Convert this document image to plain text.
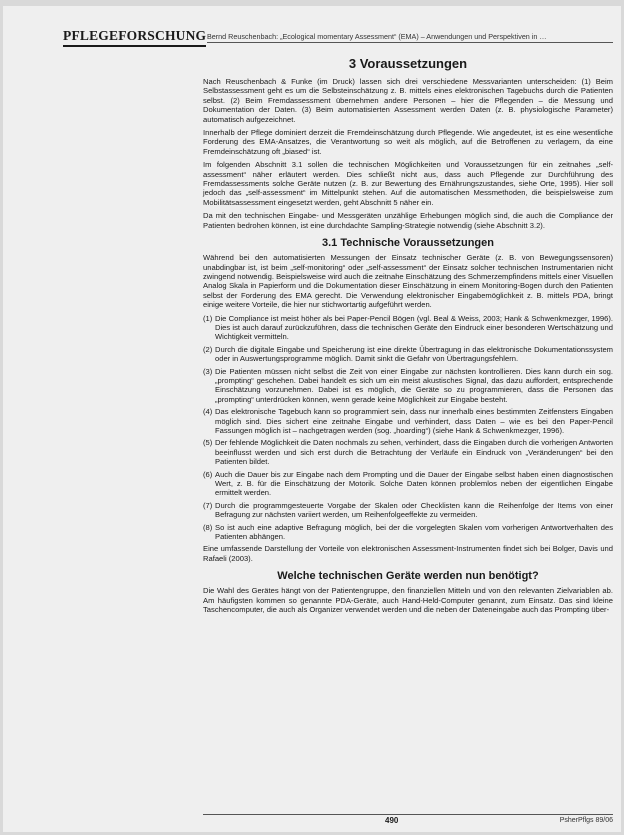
PFLEGEFORSCHUNG Bernd Reuschenbach: „Ecological momentary Assessment“ (EMA) – Anwendungen und Perspektiven in …
3 Voraussetzungen

Nach Reuschenbach & Funke (im Druck) lassen sich drei verschiedene Messvarianten unterscheiden: (1) Beim Selbstassessment geht es um die Selbsteinschätzung z. B. mittels eines elektronischen Tagebuchs durch die Patienten selbst. (2) Beim Fremdassessment übernehmen andere Personen – hier die Pflegenden – die Messung und Dokumentation der Daten. (3) Beim automatisierten Assessment werden Daten (z. B. physiologische Parameter) automatisch aufgezeichnet.

Innerhalb der Pflege dominiert derzeit die Fremdeinschätzung durch Pflegende. Wie angedeutet, ist es eine wesentliche Forderung des EMA-Ansatzes, die Verantwortung so weit als möglich, auf die Betroffenen zu verlagern, da eine Fremdeinschätzung oft „biased“ ist.

Im folgenden Abschnitt 3.1 sollen die technischen Möglichkeiten und Voraussetzungen für ein zeitnahes „self-assessment“ näher erläutert werden. Dies schließt nicht aus, dass auch Pflegende zur Durchführung des Fremdassessments solche Geräte nutzen (z. B. zur Bewertung des Ernährungszustandes, siehe Orte, 1995). Hier soll jedoch das „self-assessment“ im Mittelpunkt stehen. Auf die automatischen Messmethoden, die beispielsweise zum Mobilitätsassessment eingesetzt werden, geht Abschnitt 5 näher ein.

Da mit den technischen Eingabe- und Messgeräten unzählige Erhebungen möglich sind, die auch die Compliance der Patienten bedrohen können, ist eine durchdachte Sampling-Strategie notwendig (siehe Abschnitt 3.2).

3.1 Technische Voraussetzungen

Während bei den automatisierten Messungen der Einsatz technischer Geräte (z. B. von Bewegungssensoren) unabdingbar ist, ist beim „self-monitoring“ oder „self-assessment“ der Einsatz solcher technischen Instrumentarien nicht zwingend notwendig. Beispielsweise wird auch die zeitnahe Einschätzung des Schmerzempfindens mittels einer Visuellen Analog Skala in Papierform und die Dokumentation dieser Einschätzung in einem Monitoring-Bogen durch den Patienten selbst der Forderung des EMA gerecht. Die Verwendung elektronischer Eingabemöglichkeit z. B. mittels PDA, bringt einige weitere Vorteile, die hier nur stichwortartig aufgeführt werden.

(1) Die Compliance ist meist höher als bei Paper-Pencil Bögen (vgl. Beal & Weiss, 2003; Hank & Schwenkmezger, 1996). Dies ist auch darauf zurückzuführen, dass die technischen Geräte den Eindruck einer besonderen Wertschätzung und Wichtigkeit vermitteln.
(2) Durch die digitale Eingabe und Speicherung ist eine direkte Übertragung in das elektronische Dokumentationssystem oder in Auswertungsprogramme möglich. Damit sinkt die Gefahr von Übertragungsfehlern.
(3) Die Patienten müssen nicht selbst die Zeit von einer Eingabe zur nächsten kontrollieren. Dies kann durch ein sog. „prompting“ geschehen. Dabei handelt es sich um ein meist akustisches Signal, das dazu auffordert, entsprechende Einschätzung vorzunehmen. Dabei ist es möglich, die Geräte so zu programmieren, dass die Personen das „prompting“ unterdrücken können, wenn gerade keine Möglichkeit zur Eingabe besteht.
(4) Das elektronische Tagebuch kann so programmiert sein, dass nur innerhalb eines bestimmten Zeitfensters Eingaben möglich sind. Dies sichert eine zeitnahe Eingabe und verhindert, dass Daten – wie es bei den Paper-Pencil Fassungen möglich ist – nachgetragen werden (sog. „hoarding“) (siehe Hank & Schwenkmezger, 1996).
(5) Der fehlende Möglichkeit die Daten nochmals zu sehen, verhindert, dass die Eingaben durch die vorherigen Antworten beeinflusst werden und sich erst durch die Betrachtung der Verläufe ein Eindruck von „Veränderungen“ bei den Patienten bildet.
(6) Auch die Dauer bis zur Eingabe nach dem Prompting und die Dauer der Eingabe selbst haben einen diagnostischen Wert, z. B. für die Einschätzung der Motorik. Solche Daten können problemlos neben der eigentlichen Eingabe ermittelt werden.
(7) Durch die programmgesteuerte Vorgabe der Skalen oder Checklisten kann die Reihenfolge der Items von einer Befragung zur nächsten variiert werden, um Reihenfolgeeffekte zu vermeiden.
(8) So ist auch eine adaptive Befragung möglich, bei der die vorgelegten Skalen vom vorherigen Antwortverhalten des Patienten abhängen.

Eine umfassende Darstellung der Vorteile von elektronischen Assessment-Instrumenten findet sich bei Bolger, Davis und Rafaeli (2003).

Welche technischen Geräte werden nun benötigt?

Die Wahl des Gerätes hängt von der Patientengruppe, den finanziellen Mitteln und von den relevanten Zielvariablen ab. Am häufigsten kommen so genannte PDA-Geräte, auch Hand-Held-Computer genannt, zum Einsatz. Das sind kleine Taschencomputer, die auch als Organizer verwendet werden und die neben der Dateneingabe auch das Prompting über-

490	PsherPflgs 89/06
